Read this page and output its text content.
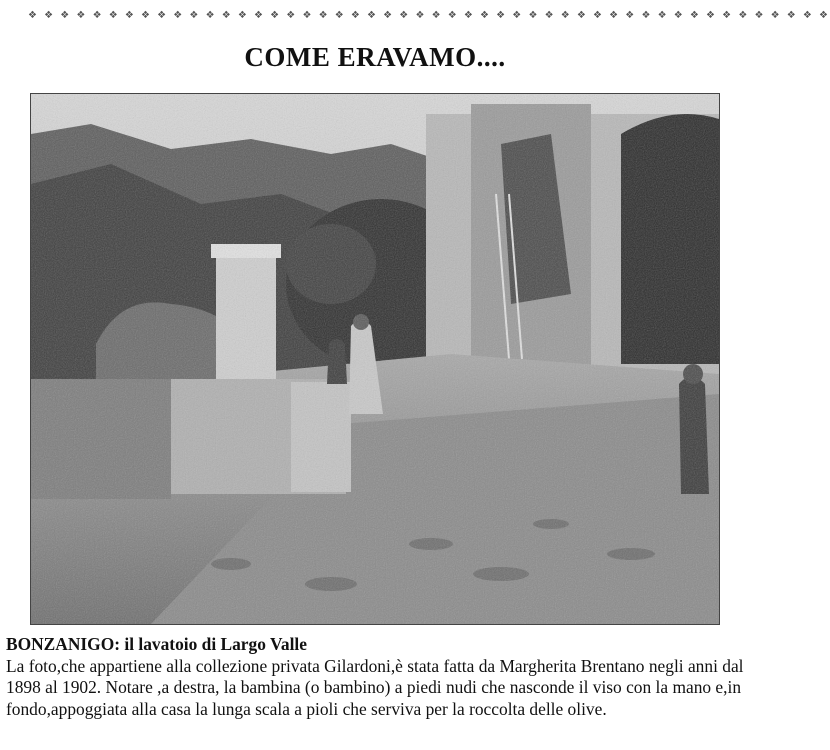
❖ ❖ ❖ ❖ ❖ ❖ ❖ ❖ ❖ ❖ ❖ ❖ ❖ ❖ ❖ ❖ ❖ ❖ ❖ ❖ ❖ ❖ ❖ ❖ ❖ ❖ ❖ ❖ ❖ ❖ ❖ ❖ ❖ ❖ ❖ ❖ ❖ ❖ ❖ ❖ ❖ ❖ ❖ ❖ ❖ ❖ ❖ ❖ ❖ ❖
COME ERAVAMO....
BONZANIGO: il lavatoio di Largo Valle
La foto,che appartiene alla collezione privata Gilardoni,è stata fatta da Margherita Brentano negli anni dal 1898 al 1902. Notare ,a destra, la bambina (o bambino) a piedi nudi che nasconde il viso con la mano e,in fondo,appoggiata alla casa la lunga scala a pioli che serviva per la roccolta delle olive.
